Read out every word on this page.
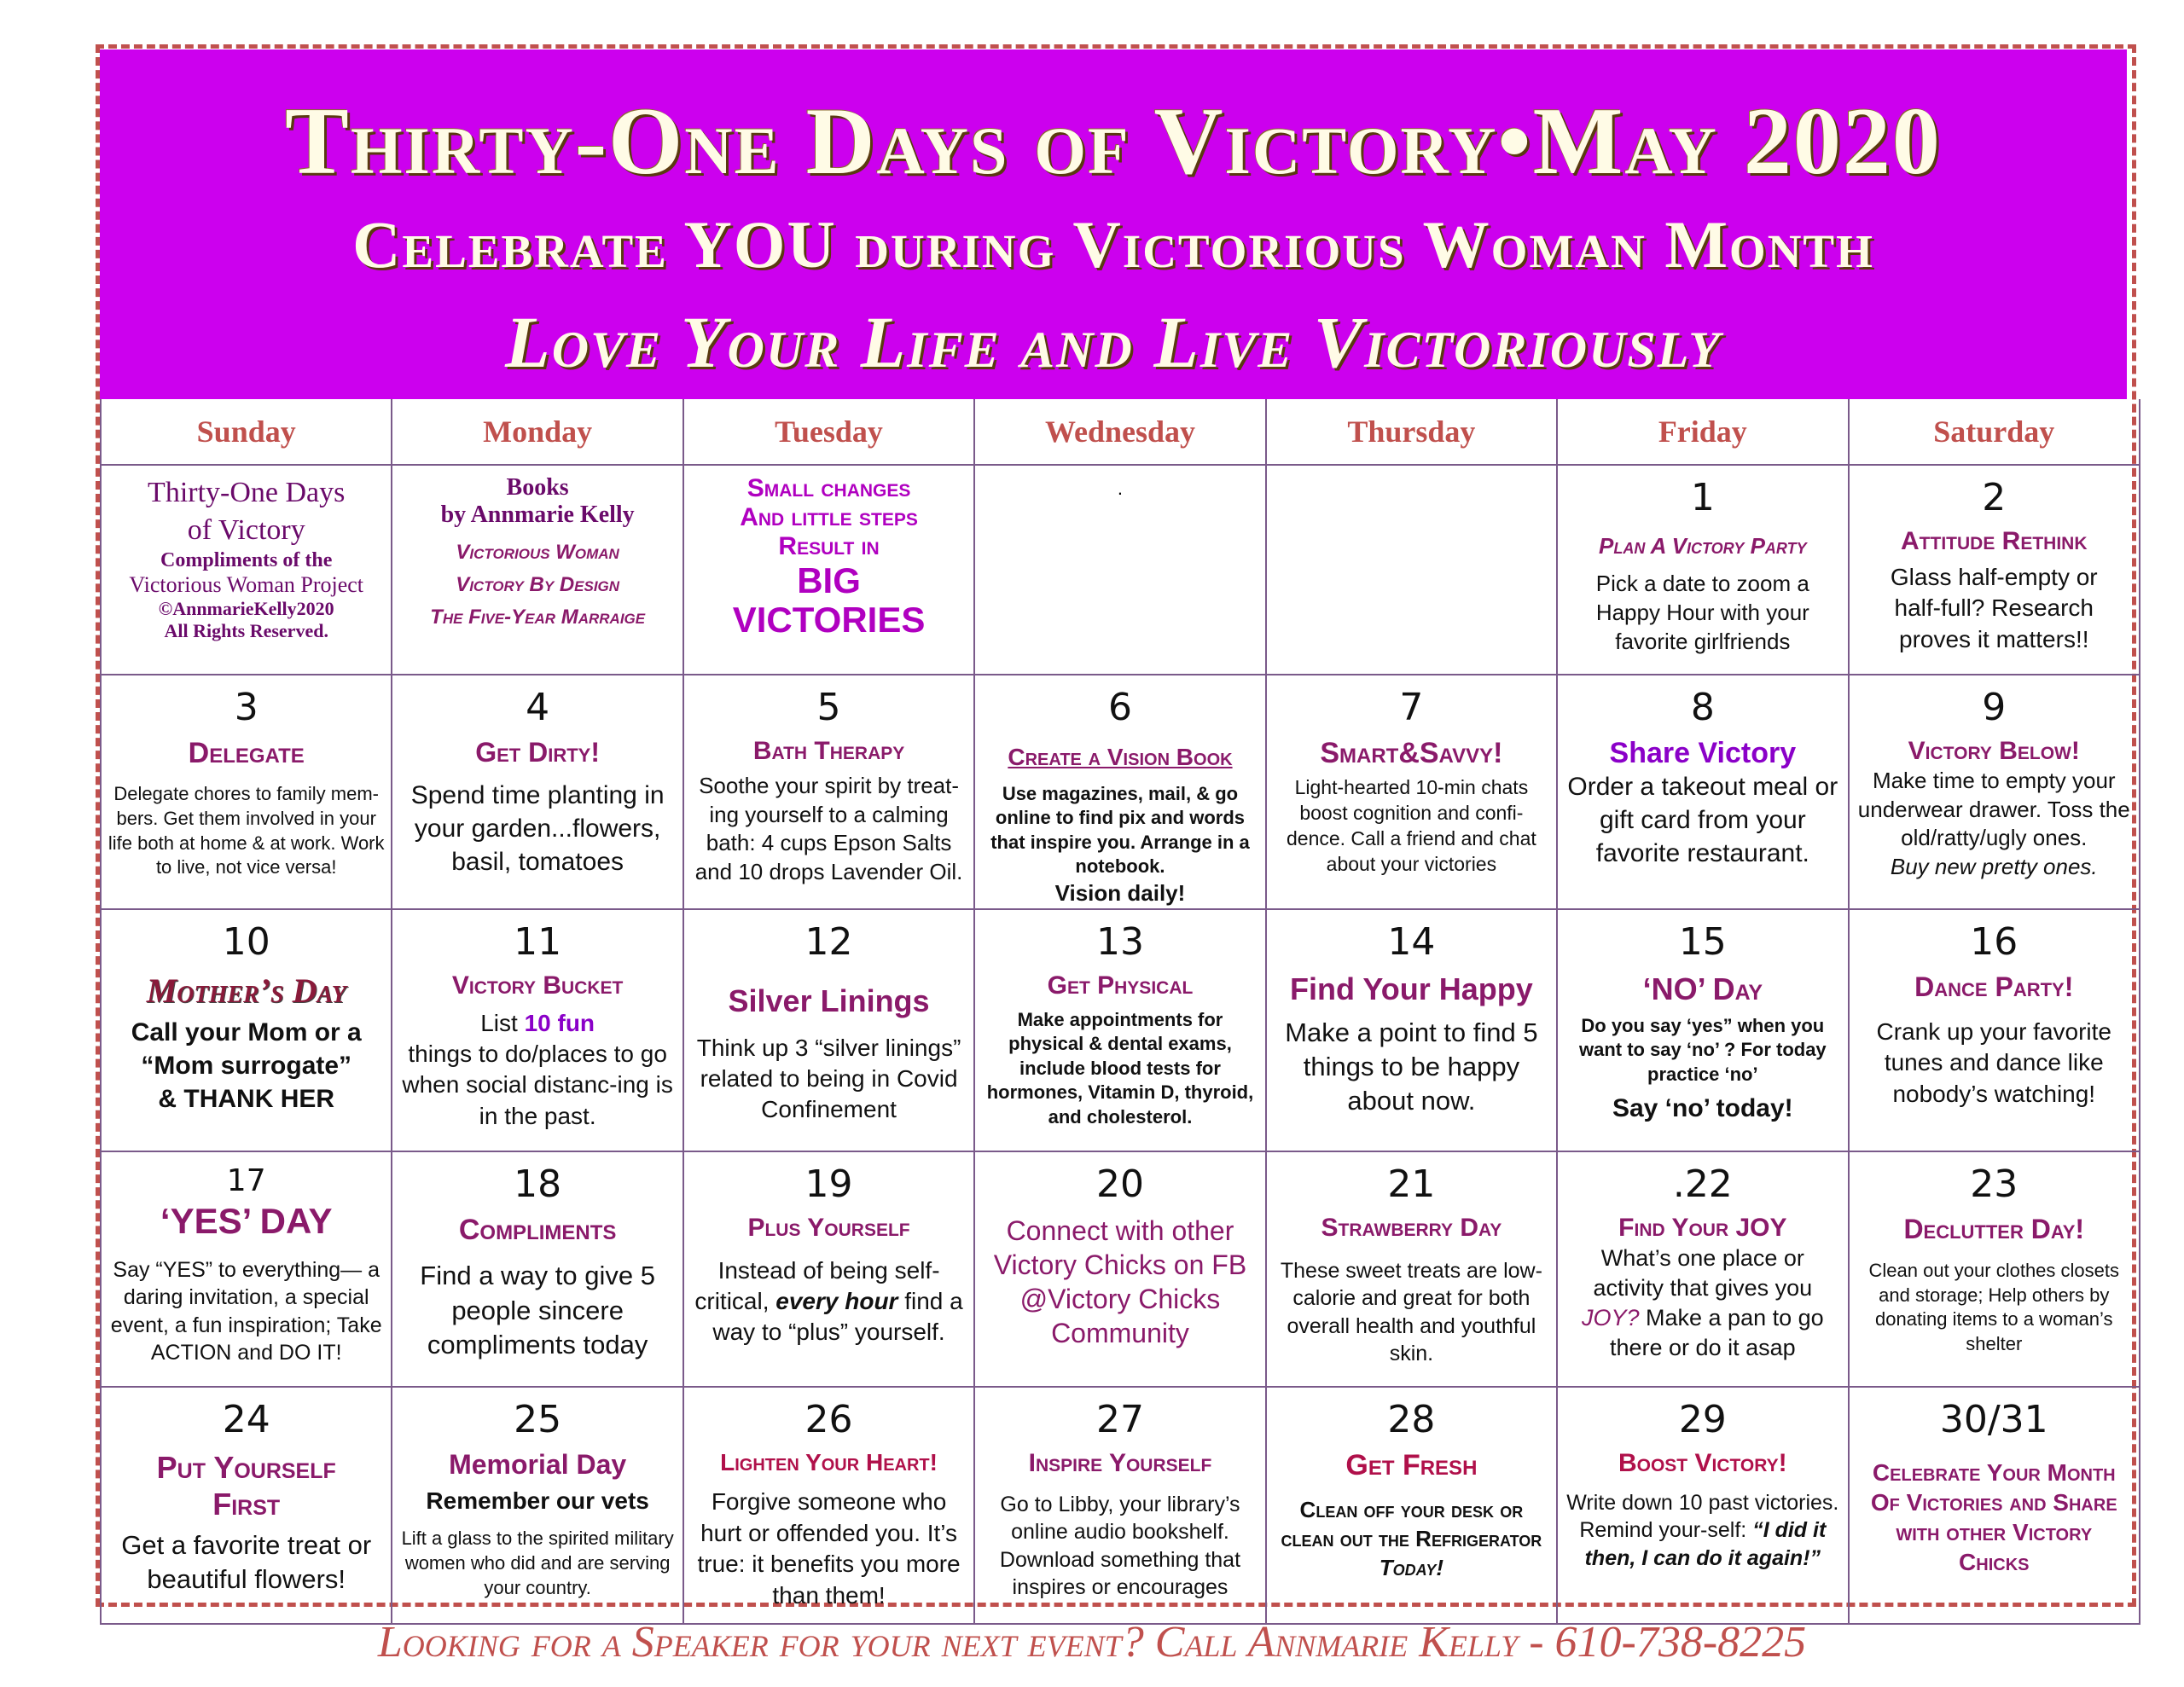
Thirty-One Days of Victory•May 2020
Celebrate YOU during Victorious Woman Month
Love Your Life and Live Victoriously
Sunday	Monday	Tuesday	Wednesday	Thursday	Friday	Saturday

Thirty-One Days of Victory
Compliments of the
Victorious Woman Project
©AnnmarieKelly2020
All Rights Reserved.	Books
by Annmarie Kelly
Victorious Woman
Victory By Design
The Five-Year Marraige	Small changes
And little steps
Result in
BIG
VICTORIES	.		1
Plan A Victory Party
Pick a date to zoom a Happy Hour with your favorite girlfriends	2
Attitude Rethink
Glass half-empty or half-full? Research proves it matters!!

3
Delegate
Delegate chores to family mem-bers. Get them involved in your life both at home & at work. Work to live, not vice versa!	4
Get Dirty!
Spend time planting in your garden...flowers, basil, tomatoes	5
Bath Therapy
Soothe your spirit by treat-ing yourself to a calming bath: 4 cups Epson Salts and 10 drops Lavender Oil.	6
Create a Vision Book
Use magazines, mail, & go online to find pix and words that inspire you. Arrange in a notebook.
Vision daily!	7
Smart&Savvy!
Light-hearted 10-min chats boost cognition and confi-dence. Call a friend and chat about your victories	8
Share Victory
Order a takeout meal or gift card from your favorite restaurant.	9
Victory Below!
Make time to empty your underwear drawer. Toss the old/ratty/ugly ones.
Buy new pretty ones.

10
Mother’s Day
Call your Mom or a “Mom surrogate” & THANK HER	11
Victory Bucket
List 10 fun
things to do/places to go when social distanc-ing is in the past.	12
Silver Linings
Think up 3 “silver linings” related to being in Covid Confinement	13
Get Physical
Make appointments for physical & dental exams, include blood tests for hormones, Vitamin D, thyroid, and cholesterol.	14
Find Your Happy
Make a point to find 5 things to be happy about now.	15
‘NO’ Day
Do you say ‘yes” when you want to say ‘no’ ? For today practice ‘no’
Say ‘no’ today!	16
Dance Party!
Crank up your favorite tunes and dance like nobody’s watching!

17
‘YES’ DAY
Say “YES” to everything— a daring invitation, a special event, a fun inspiration; Take ACTION and DO IT!	18
Compliments
Find a way to give 5 people sincere compliments today	19
Plus Yourself
Instead of being self-critical, every hour find a way to “plus” yourself.	20
Connect with other Victory Chicks on FB @Victory Chicks Community	21
Strawberry Day
These sweet treats are low-calorie and great for both overall health and youthful skin.	.22
Find Your JOY
What’s one place or activity that gives you JOY? Make a pan to go there or do it asap	23
Declutter Day!
Clean out your clothes closets and storage; Help others by donating items to a woman’s shelter

24
Put Yourself First
Get a favorite treat or beautiful flowers!	25
Memorial Day
Remember our vets
Lift a glass to the spirited military women who did and are serving your country.	26
Lighten Your Heart!
Forgive someone who hurt or offended you. It’s true: it benefits you more than them!	27
Inspire Yourself
Go to Libby, your library’s online audio bookshelf. Download something that inspires or encourages	28
Get Fresh
Clean off your desk or clean out the Refrigerator Today!	29
Boost Victory!
Write down 10 past victories. Remind your-self: “I did it then, I can do it again!”	30/31
Celebrate Your Month Of Victories and Share with other Victory Chicks
Looking for a Speaker for your next event? Call Annmarie Kelly - 610-738-8225
